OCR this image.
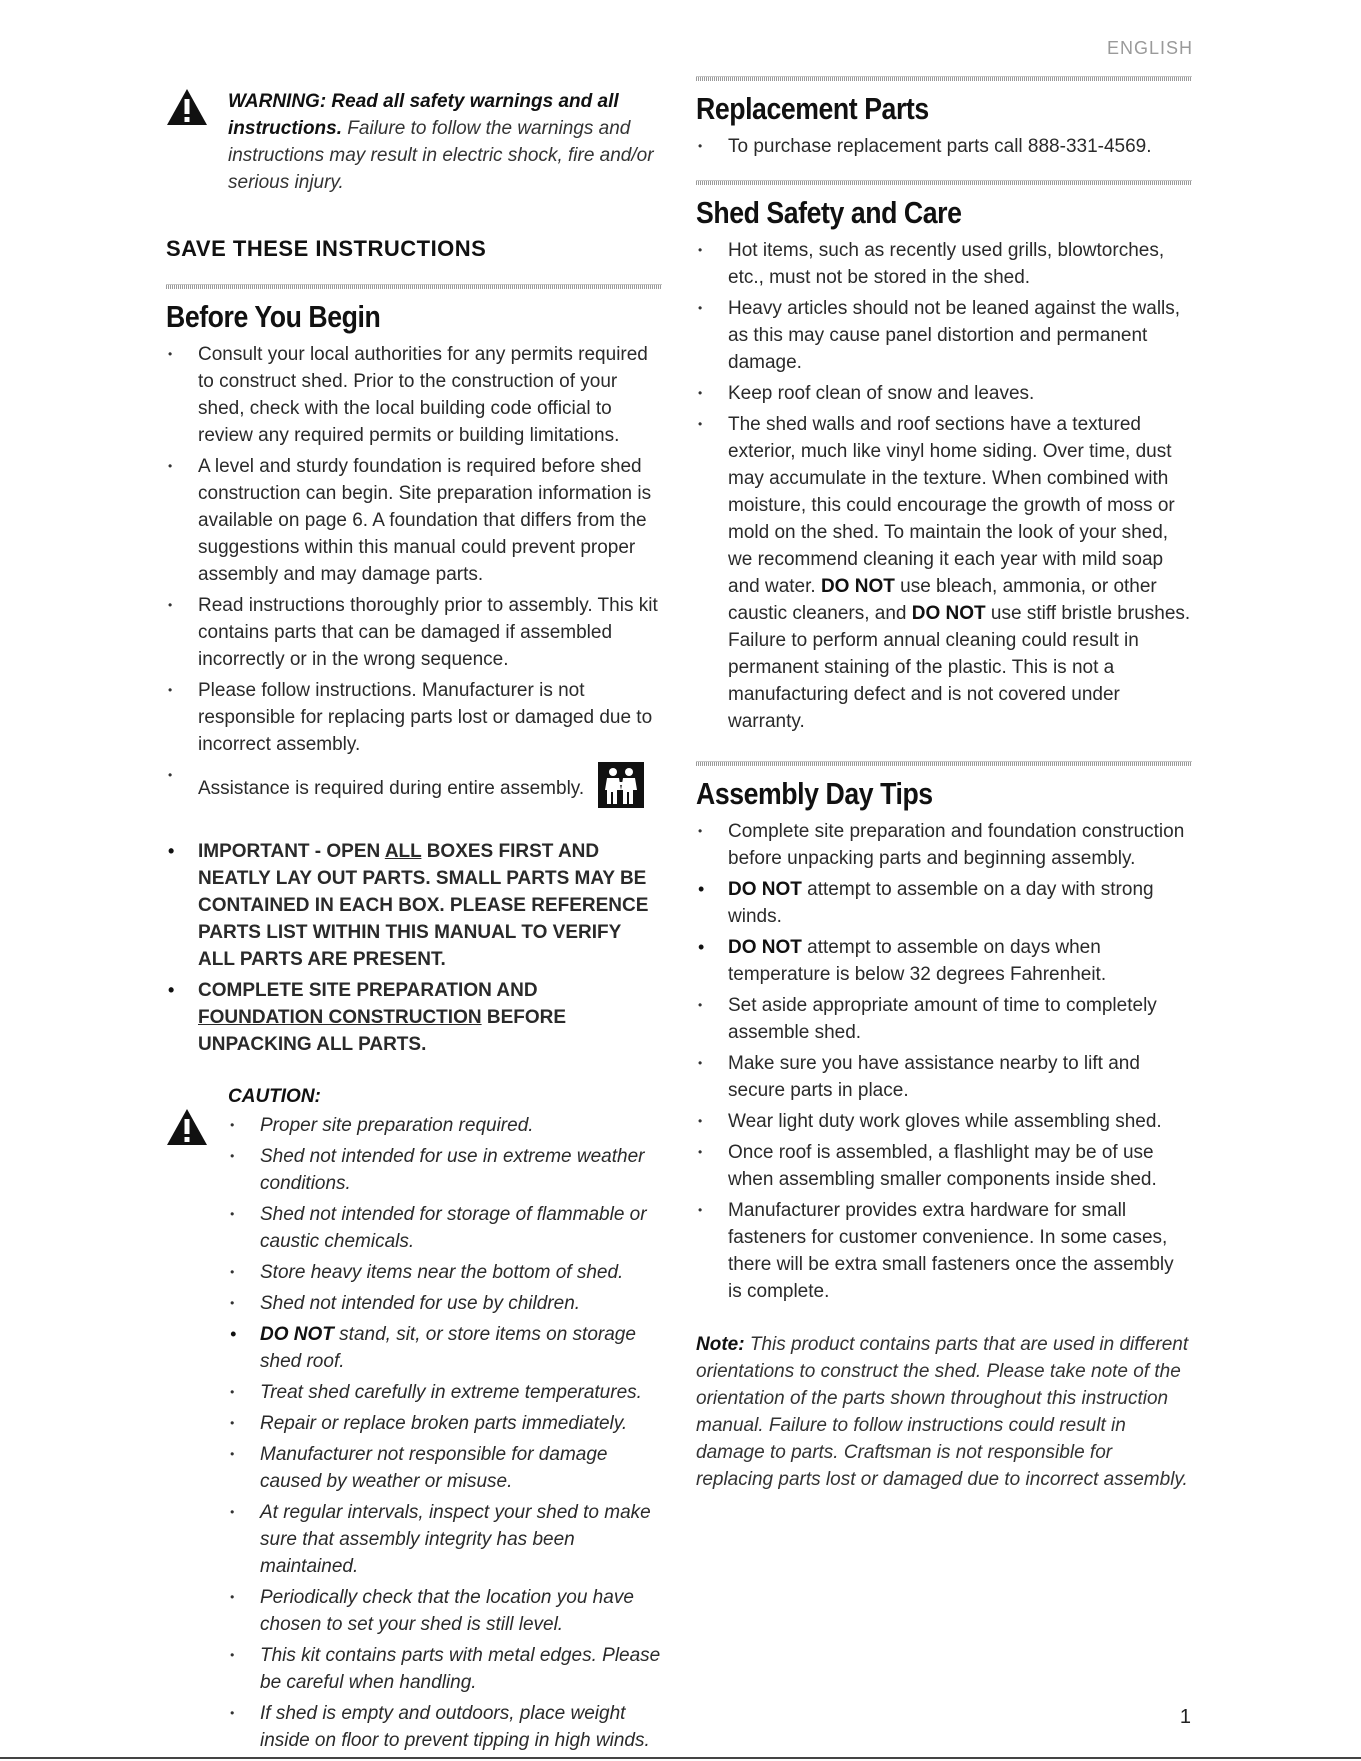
ENGLISH
WARNING: Read all safety warnings and all instructions. Failure to follow the warnings and instructions may result in electric shock, fire and/or serious injury.
SAVE THESE INSTRUCTIONS
Before You Begin
• Consult your local authorities for any permits required to construct shed. Prior to the construction of your shed, check with the local building code official to review any required permits or building limitations.
• A level and sturdy foundation is required before shed construction can begin. Site preparation information is available on page 6. A foundation that differs from the suggestions within this manual could prevent proper assembly and may damage parts.
• Read instructions thoroughly prior to assembly. This kit contains parts that can be damaged if assembled incorrectly or in the wrong sequence.
• Please follow instructions. Manufacturer is not responsible for replacing parts lost or damaged due to incorrect assembly.
• Assistance is required during entire assembly.
• IMPORTANT - OPEN ALL BOXES FIRST AND NEATLY LAY OUT PARTS. SMALL PARTS MAY BE CONTAINED IN EACH BOX. PLEASE REFERENCE PARTS LIST WITHIN THIS MANUAL TO VERIFY ALL PARTS ARE PRESENT.
• COMPLETE SITE PREPARATION AND FOUNDATION CONSTRUCTION BEFORE UNPACKING ALL PARTS.
CAUTION:
• Proper site preparation required.
• Shed not intended for use in extreme weather conditions.
• Shed not intended for storage of flammable or caustic chemicals.
• Store heavy items near the bottom of shed.
• Shed not intended for use by children.
• DO NOT stand, sit, or store items on storage shed roof.
• Treat shed carefully in extreme temperatures.
• Repair or replace broken parts immediately.
• Manufacturer not responsible for damage caused by weather or misuse.
• At regular intervals, inspect your shed to make sure that assembly integrity has been maintained.
• Periodically check that the location you have chosen to set your shed is still level.
• This kit contains parts with metal edges. Please be careful when handling.
• If shed is empty and outdoors, place weight inside on floor to prevent tipping in high winds.
Replacement Parts
• To purchase replacement parts call 888-331-4569.
Shed Safety and Care
• Hot items, such as recently used grills, blowtorches, etc., must not be stored in the shed.
• Heavy articles should not be leaned against the walls, as this may cause panel distortion and permanent damage.
• Keep roof clean of snow and leaves.
• The shed walls and roof sections have a textured exterior, much like vinyl home siding. Over time, dust may accumulate in the texture. When combined with moisture, this could encourage the growth of moss or mold on the shed. To maintain the look of your shed, we recommend cleaning it each year with mild soap and water. DO NOT use bleach, ammonia, or other caustic cleaners, and DO NOT use stiff bristle brushes. Failure to perform annual cleaning could result in permanent staining of the plastic. This is not a manufacturing defect and is not covered under warranty.
Assembly Day Tips
• Complete site preparation and foundation construction before unpacking parts and beginning assembly.
• DO NOT attempt to assemble on a day with strong winds.
• DO NOT attempt to assemble on days when temperature is below 32 degrees Fahrenheit.
• Set aside appropriate amount of time to completely assemble shed.
• Make sure you have assistance nearby to lift and secure parts in place.
• Wear light duty work gloves while assembling shed.
• Once roof is assembled, a flashlight may be of use when assembling smaller components inside shed.
• Manufacturer provides extra hardware for small fasteners for customer convenience. In some cases, there will be extra small fasteners once the assembly is complete.
Note: This product contains parts that are used in different orientations to construct the shed. Please take note of the orientation of the parts shown throughout this instruction manual. Failure to follow instructions could result in damage to parts. Craftsman is not responsible for replacing parts lost or damaged due to incorrect assembly.
1
